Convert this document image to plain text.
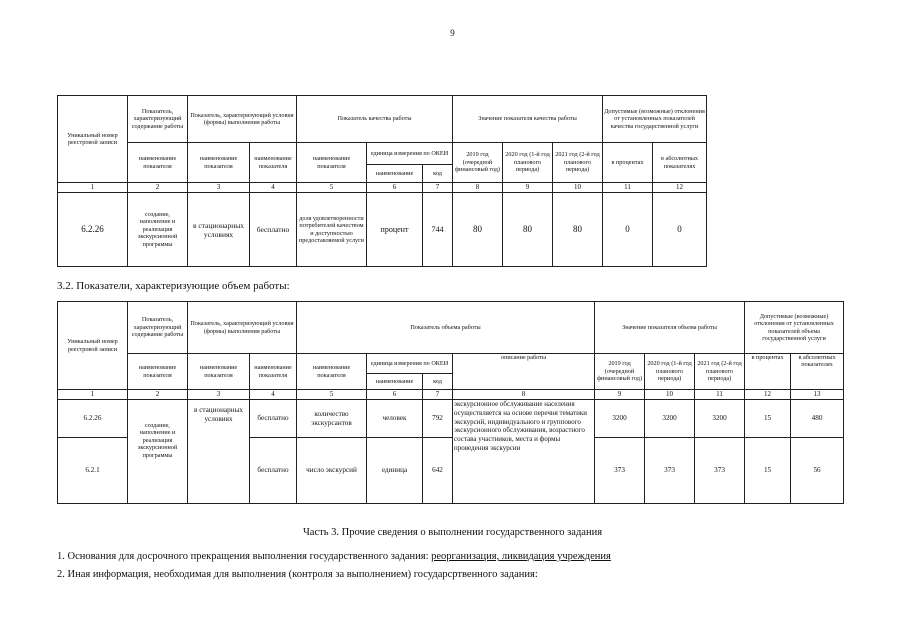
9
Уникальный номер реестровой записи	Показатель, характеризующий содержание работы	Показатель, характеризующий условия (формы) выполнения работы		Показатель качества работы			Значение показателя качества работы			Допустимые (возможные) отклонения от установленных показателей качества государственной услуги	
	наименование показателя	наименование показателя	наименование показателя	наименование показателя	единица измерения по ОКЕИ		2019 год (очередной финансовый год)	2020 год (1-й год планового периода)	2021 год (2-й год планового периода)	в процентах	в абсолютных показателях
					наименование	код					
1	2	3	4	5	6	7	8	9	10	11	12
6.2.26	создание, наполнение и реализация экскурсионной программы	в стационарных условиях	бесплатно	доля удовлетворенности потребителей качеством и доступностью предоставляемой услуги	процент	744	80	80	80	0	0
3.2. Показатели, характеризующие объем работы:
Уникальный номер реестровой записи	Показатель, характеризующий содержание работы	Показатель, характеризующий условия (формы) выполнения работы		Показатель объема работы				Значение показателя объема работы			Допустимые (возможные) отклонения от установленных показателей объема государственной услуги	
	наименование показателя	наименование показателя	наименование показателя	наименование показателя	единица измерения по ОКЕИ		описание работы	2019 год (очередной финансовый год)	2020 год (1-й год планового периода)	2021 год (2-й год планового периода)	в процентах	в абсолютных показателях
					наименование	код						
1	2	3	4	5	6	7	8	9	10	11	12	13
6.2.26	создание, наполнение и реализация экскурсионной программы	в стационарных условиях	бесплатно	количество экскурсантов	человек	792	экскурсионное обслуживание населения осуществляется на основе перечня тематики экскурсий, индивидуального и группового экскурсионного обслуживания, возрастного состава участников, места и формы проведения экскурсии	3200	3200	3200	15	480
6.2.1			бесплатно	число экскурсий	единица	642		373	373	373	15	56
Часть 3. Прочие сведения о выполнении государственного задания
1. Основания для досрочного прекращения выполнения государственного задания: реорганизация, ликвидация учреждения
2. Иная информация, необходимая для выполнения (контроля за выполнением) государсртвенного задания:
